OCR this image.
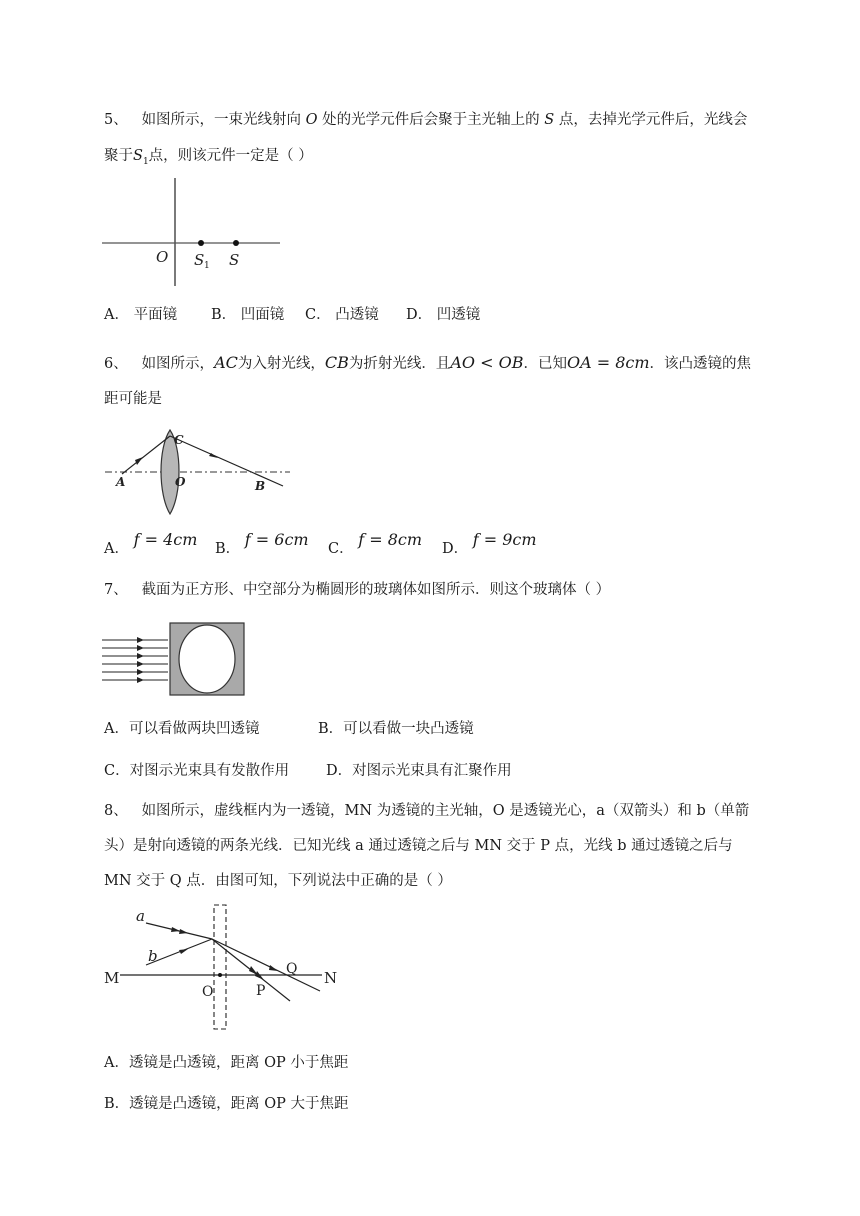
5、 如图所示，一束光线射向 O 处的光学元件后会聚于主光轴上的 S 点，去掉光学元件后，光线会
聚于$S_1$点，则该元件一定是（ ）
O S 1 S
A． 平面镜 B． 凹面镜 C． 凸透镜 D． 凹透镜
6、 如图所示，AC为入射光线，CB为折射光线．且AO < OB．已知OA = 8cm．该凸透镜的焦
距可能是
A	O
C
B
A． f = 4cm B． f = 6cm C． f = 8cm D． f = 9cm
7、 截面为正方形、中空部分为椭圆形的玻璃体如图所示．则这个玻璃体（ ）
A．可以看做两块凹透镜	B．可以看做一块凸透镜
C．对图示光束具有发散作用	D．对图示光束具有汇聚作用
8、 如图所示，虚线框内为一透镜，MN 为透镜的主光轴，O 是透镜光心，a（双箭头）和 b（单箭
头）是射向透镜的两条光线．已知光线 a 通过透镜之后与 MN 交于 P 点，光线 b 通过透镜之后与
MN 交于 Q 点．由图可知，下列说法中正确的是（ ）
a
b
M	N
O	P
Q
A．透镜是凸透镜，距离 OP 小于焦距
B．透镜是凸透镜，距离 OP 大于焦距
